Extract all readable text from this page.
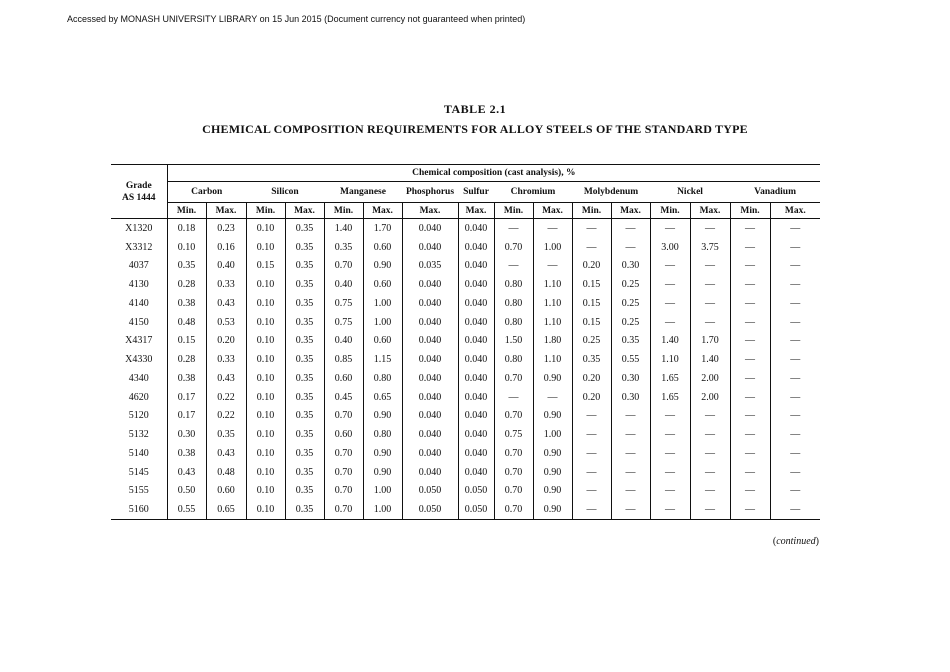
Accessed by MONASH UNIVERSITY LIBRARY on 15 Jun 2015 (Document currency not guaranteed when printed)
TABLE 2.1
CHEMICAL COMPOSITION REQUIREMENTS FOR ALLOY STEELS OF THE STANDARD TYPE
Grade
AS 1444	Chemical composition (cast analysis), %															
	Carbon		Silicon		Manganese		Phosphorus	Sulfur	Chromium		Molybdenum		Nickel		Vanadium	
	Min.	Max.	Min.	Max.	Min.	Max.	Max.	Max.	Min.	Max.	Min.	Max.	Min.	Max.	Min.	Max.
X1320	0.18	0.23	0.10	0.35	1.40	1.70	0.040	0.040	—	—	—	—	—	—	—	—
X3312	0.10	0.16	0.10	0.35	0.35	0.60	0.040	0.040	0.70	1.00	—	—	3.00	3.75	—	—
4037	0.35	0.40	0.15	0.35	0.70	0.90	0.035	0.040	—	—	0.20	0.30	—	—	—	—
4130	0.28	0.33	0.10	0.35	0.40	0.60	0.040	0.040	0.80	1.10	0.15	0.25	—	—	—	—
4140	0.38	0.43	0.10	0.35	0.75	1.00	0.040	0.040	0.80	1.10	0.15	0.25	—	—	—	—
4150	0.48	0.53	0.10	0.35	0.75	1.00	0.040	0.040	0.80	1.10	0.15	0.25	—	—	—	—
X4317	0.15	0.20	0.10	0.35	0.40	0.60	0.040	0.040	1.50	1.80	0.25	0.35	1.40	1.70	—	—
X4330	0.28	0.33	0.10	0.35	0.85	1.15	0.040	0.040	0.80	1.10	0.35	0.55	1.10	1.40	—	—
4340	0.38	0.43	0.10	0.35	0.60	0.80	0.040	0.040	0.70	0.90	0.20	0.30	1.65	2.00	—	—
4620	0.17	0.22	0.10	0.35	0.45	0.65	0.040	0.040	—	—	0.20	0.30	1.65	2.00	—	—
5120	0.17	0.22	0.10	0.35	0.70	0.90	0.040	0.040	0.70	0.90	—	—	—	—	—	—
5132	0.30	0.35	0.10	0.35	0.60	0.80	0.040	0.040	0.75	1.00	—	—	—	—	—	—
5140	0.38	0.43	0.10	0.35	0.70	0.90	0.040	0.040	0.70	0.90	—	—	—	—	—	—
5145	0.43	0.48	0.10	0.35	0.70	0.90	0.040	0.040	0.70	0.90	—	—	—	—	—	—
5155	0.50	0.60	0.10	0.35	0.70	1.00	0.050	0.050	0.70	0.90	—	—	—	—	—	—
5160	0.55	0.65	0.10	0.35	0.70	1.00	0.050	0.050	0.70	0.90	—	—	—	—	—	—
(continued)
